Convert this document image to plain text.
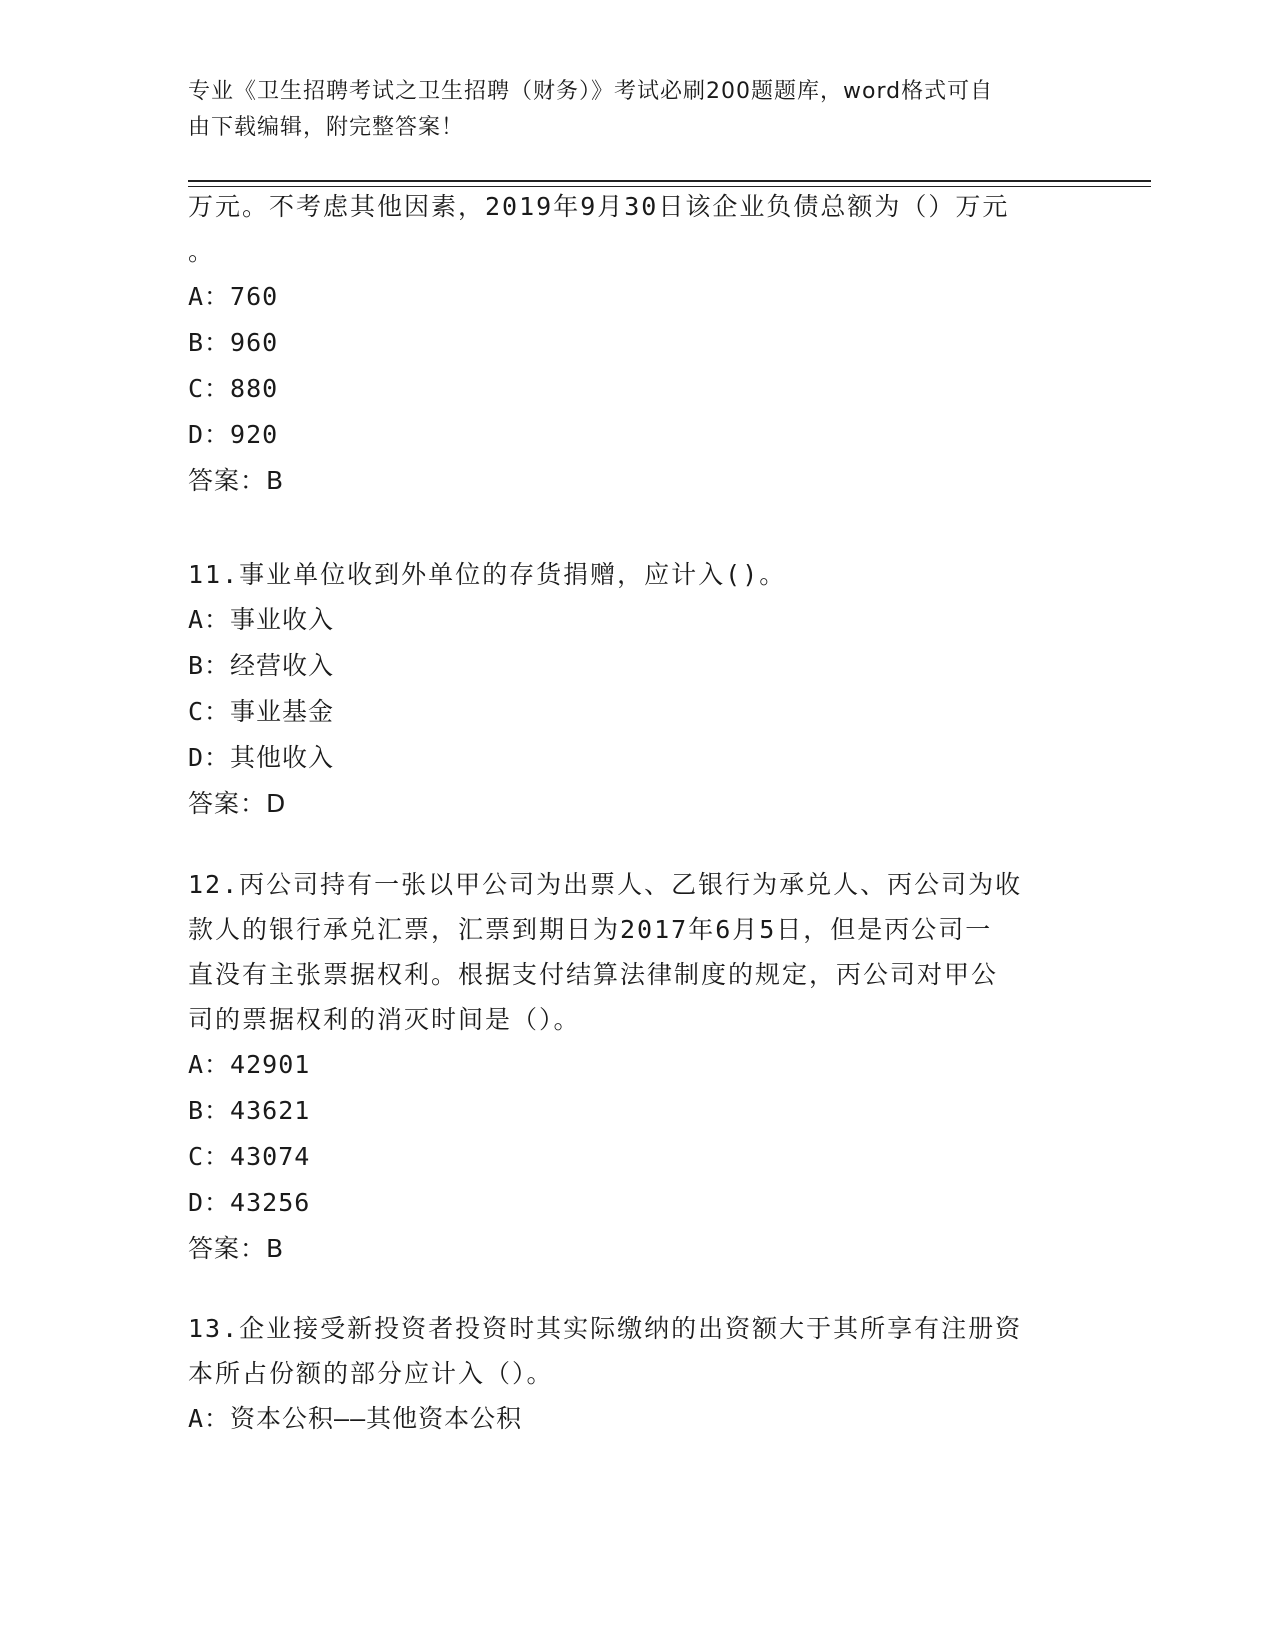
专业《卫生招聘考试之卫生招聘（财务）》考试必刷200题题库，word格式可自
由下载编辑，附完整答案！
万元。不考虑其他因素，2019年9月30日该企业负债总额为（）万元
。
A：760
B：960
C：880
D：920
答案：B
11.事业单位收到外单位的存货捐赠，应计入()。
A：事业收入
B：经营收入
C：事业基金
D：其他收入
答案：D
12.丙公司持有一张以甲公司为出票人、乙银行为承兑人、丙公司为收
款人的银行承兑汇票，汇票到期日为2017年6月5日，但是丙公司一
直没有主张票据权利。根据支付结算法律制度的规定，丙公司对甲公
司的票据权利的消灭时间是（）。
A：42901
B：43621
C：43074
D：43256
答案：B
13.企业接受新投资者投资时其实际缴纳的出资额大于其所享有注册资
本所占份额的部分应计入（）。
A：资本公积——其他资本公积
